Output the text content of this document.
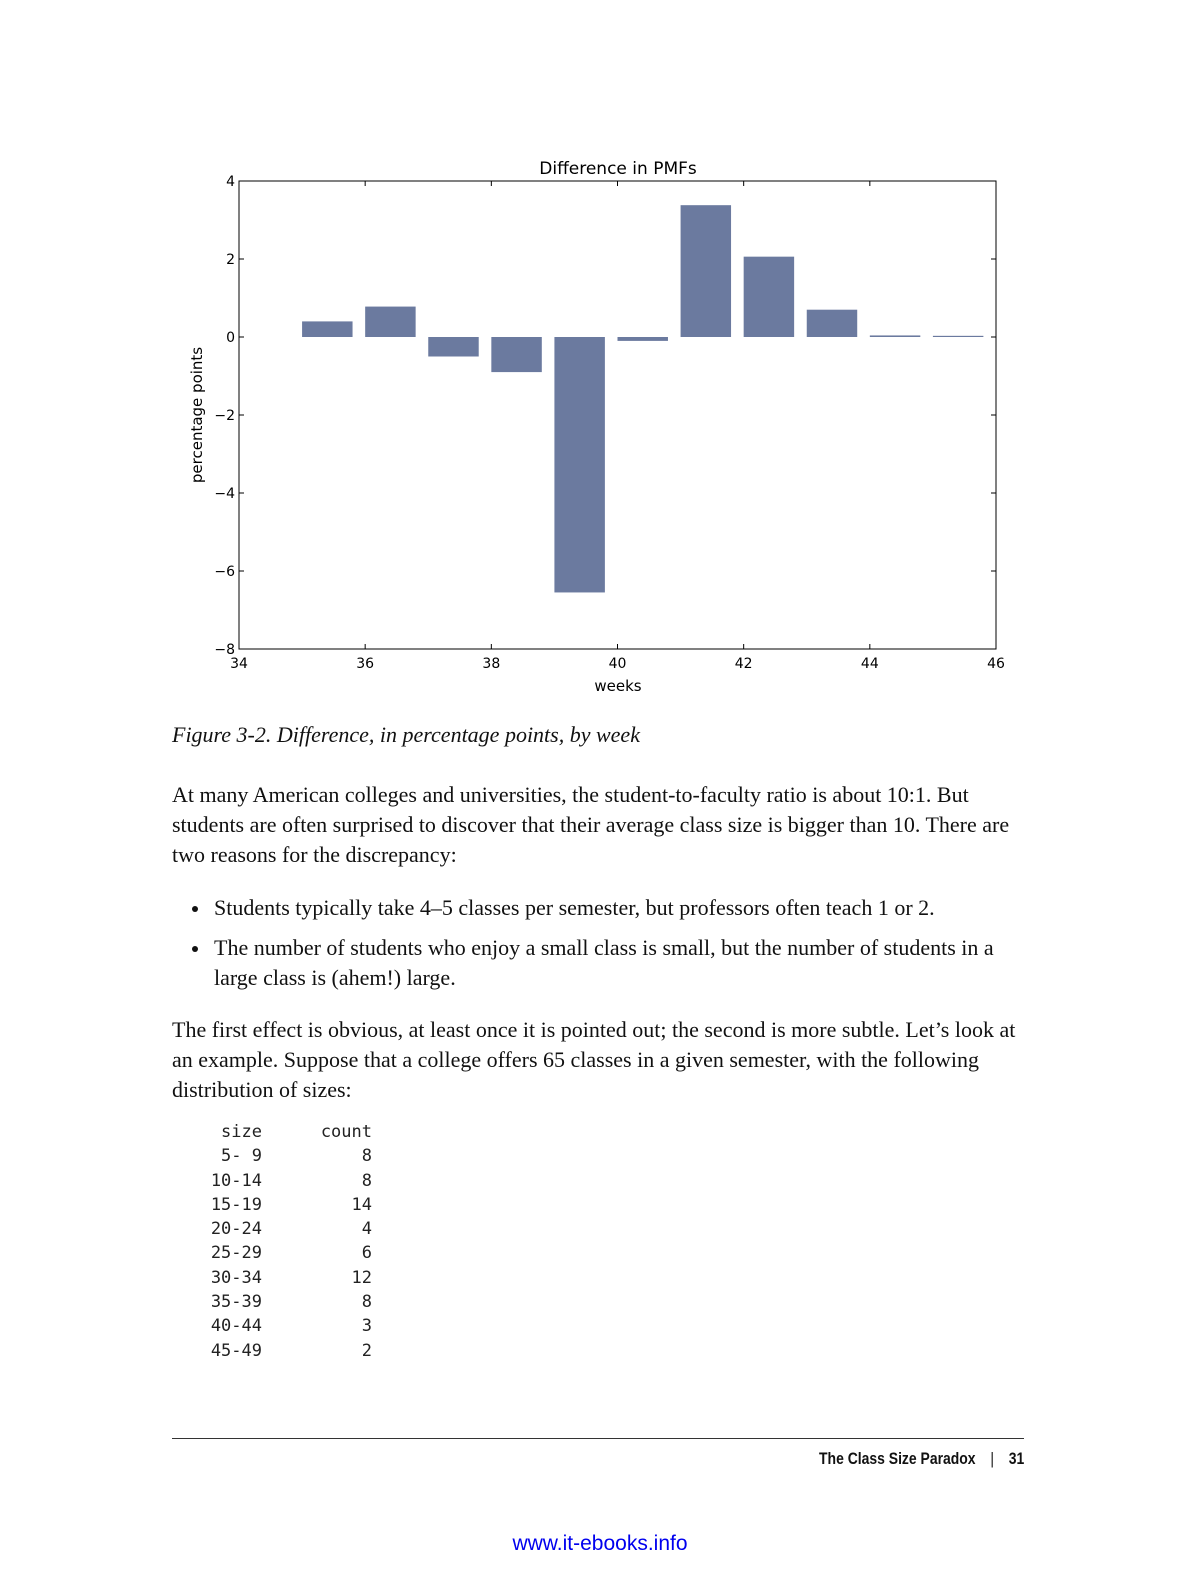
Difference in PMFs
34	36	38	40	42	44	46
−8
−6
−4
−2
0
2
4
weeks
percentage points
Figure 3-2. Difference, in percentage points, by week

At many American colleges and universities, the student-to-faculty ratio is about 10:1. But students are often surprised to discover that their average class size is bigger than 10. There are two reasons for the discrepancy:

Students typically take 4–5 classes per semester, but professors often teach 1 or 2.
The number of students who enjoy a small class is small, but the number of students in a large class is (ahem!) large.

The first effect is obvious, at least once it is pointed out; the second is more subtle. Let’s look at an example. Suppose that a college offers 65 classes in a given semester, with the following distribution of sizes:

size	count
5- 9	8
10-14	8
15-19	14
20-24	4
25-29	6
30-34	12
35-39	8
40-44	3
45-49	2
The Class Size Paradox | 31
www.it-ebooks.info
